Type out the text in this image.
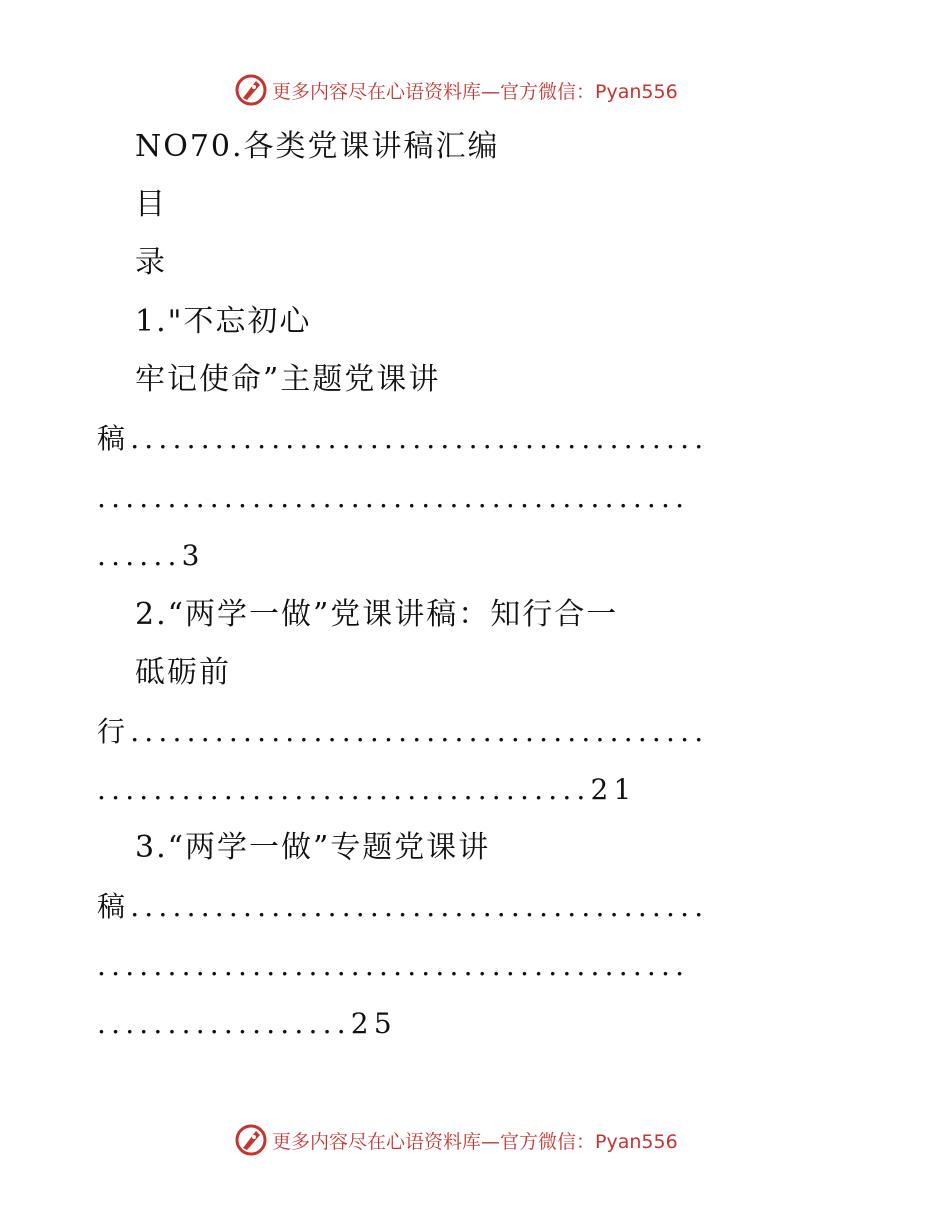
更多内容尽在心语资料库—官方微信：Pyan556
NO70.各类党课讲稿汇编
目
录
1."不忘初心
牢记使命”主题党课讲
稿.........................................
..........................................
......3
2.“两学一做”党课讲稿：知行合一
砥砺前
行.........................................
...................................21
3.“两学一做”专题党课讲
稿.........................................
..........................................
..................25
更多内容尽在心语资料库—官方微信：Pyan556
